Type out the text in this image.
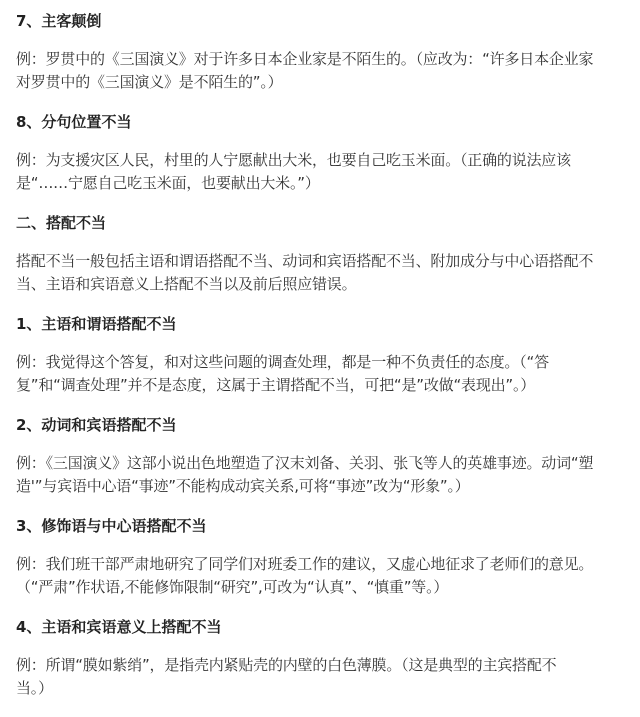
7、主客颠倒
例：罗贯中的《三国演义》对于许多日本企业家是不陌生的。（应改为：“许多日本企业家
对罗贯中的《三国演义》是不陌生的”。）
8、分句位置不当
例：为支援灾区人民，村里的人宁愿献出大米，也要自己吃玉米面。（正确的说法应该
是“……宁愿自己吃玉米面，也要献出大米。”）
二、搭配不当
搭配不当一般包括主语和谓语搭配不当、动词和宾语搭配不当、附加成分与中心语搭配不
当、主语和宾语意义上搭配不当以及前后照应错误。
1、主语和谓语搭配不当
例：我觉得这个答复，和对这些问题的调查处理，都是一种不负责任的态度。（“答
复”和“调查处理”并不是态度，这属于主谓搭配不当，可把“是”改做“表现出”。）
2、动词和宾语搭配不当
例：《三国演义》这部小说出色地塑造了汉末刘备、关羽、张飞等人的英雄事迹。动词“塑
造'”与宾语中心语“事迹”不能构成动宾关系,可将“事迹”改为“形象”。）
3、修饰语与中心语搭配不当
例：我们班干部严肃地研究了同学们对班委工作的建议，又虚心地征求了老师们的意见。
（“严肃”作状语,不能修饰限制“研究”,可改为“认真”、“慎重”等。）
4、主语和宾语意义上搭配不当
例：所谓“膜如紫绡”，是指壳内紧贴壳的内壁的白色薄膜。（这是典型的主宾搭配不
当。）
